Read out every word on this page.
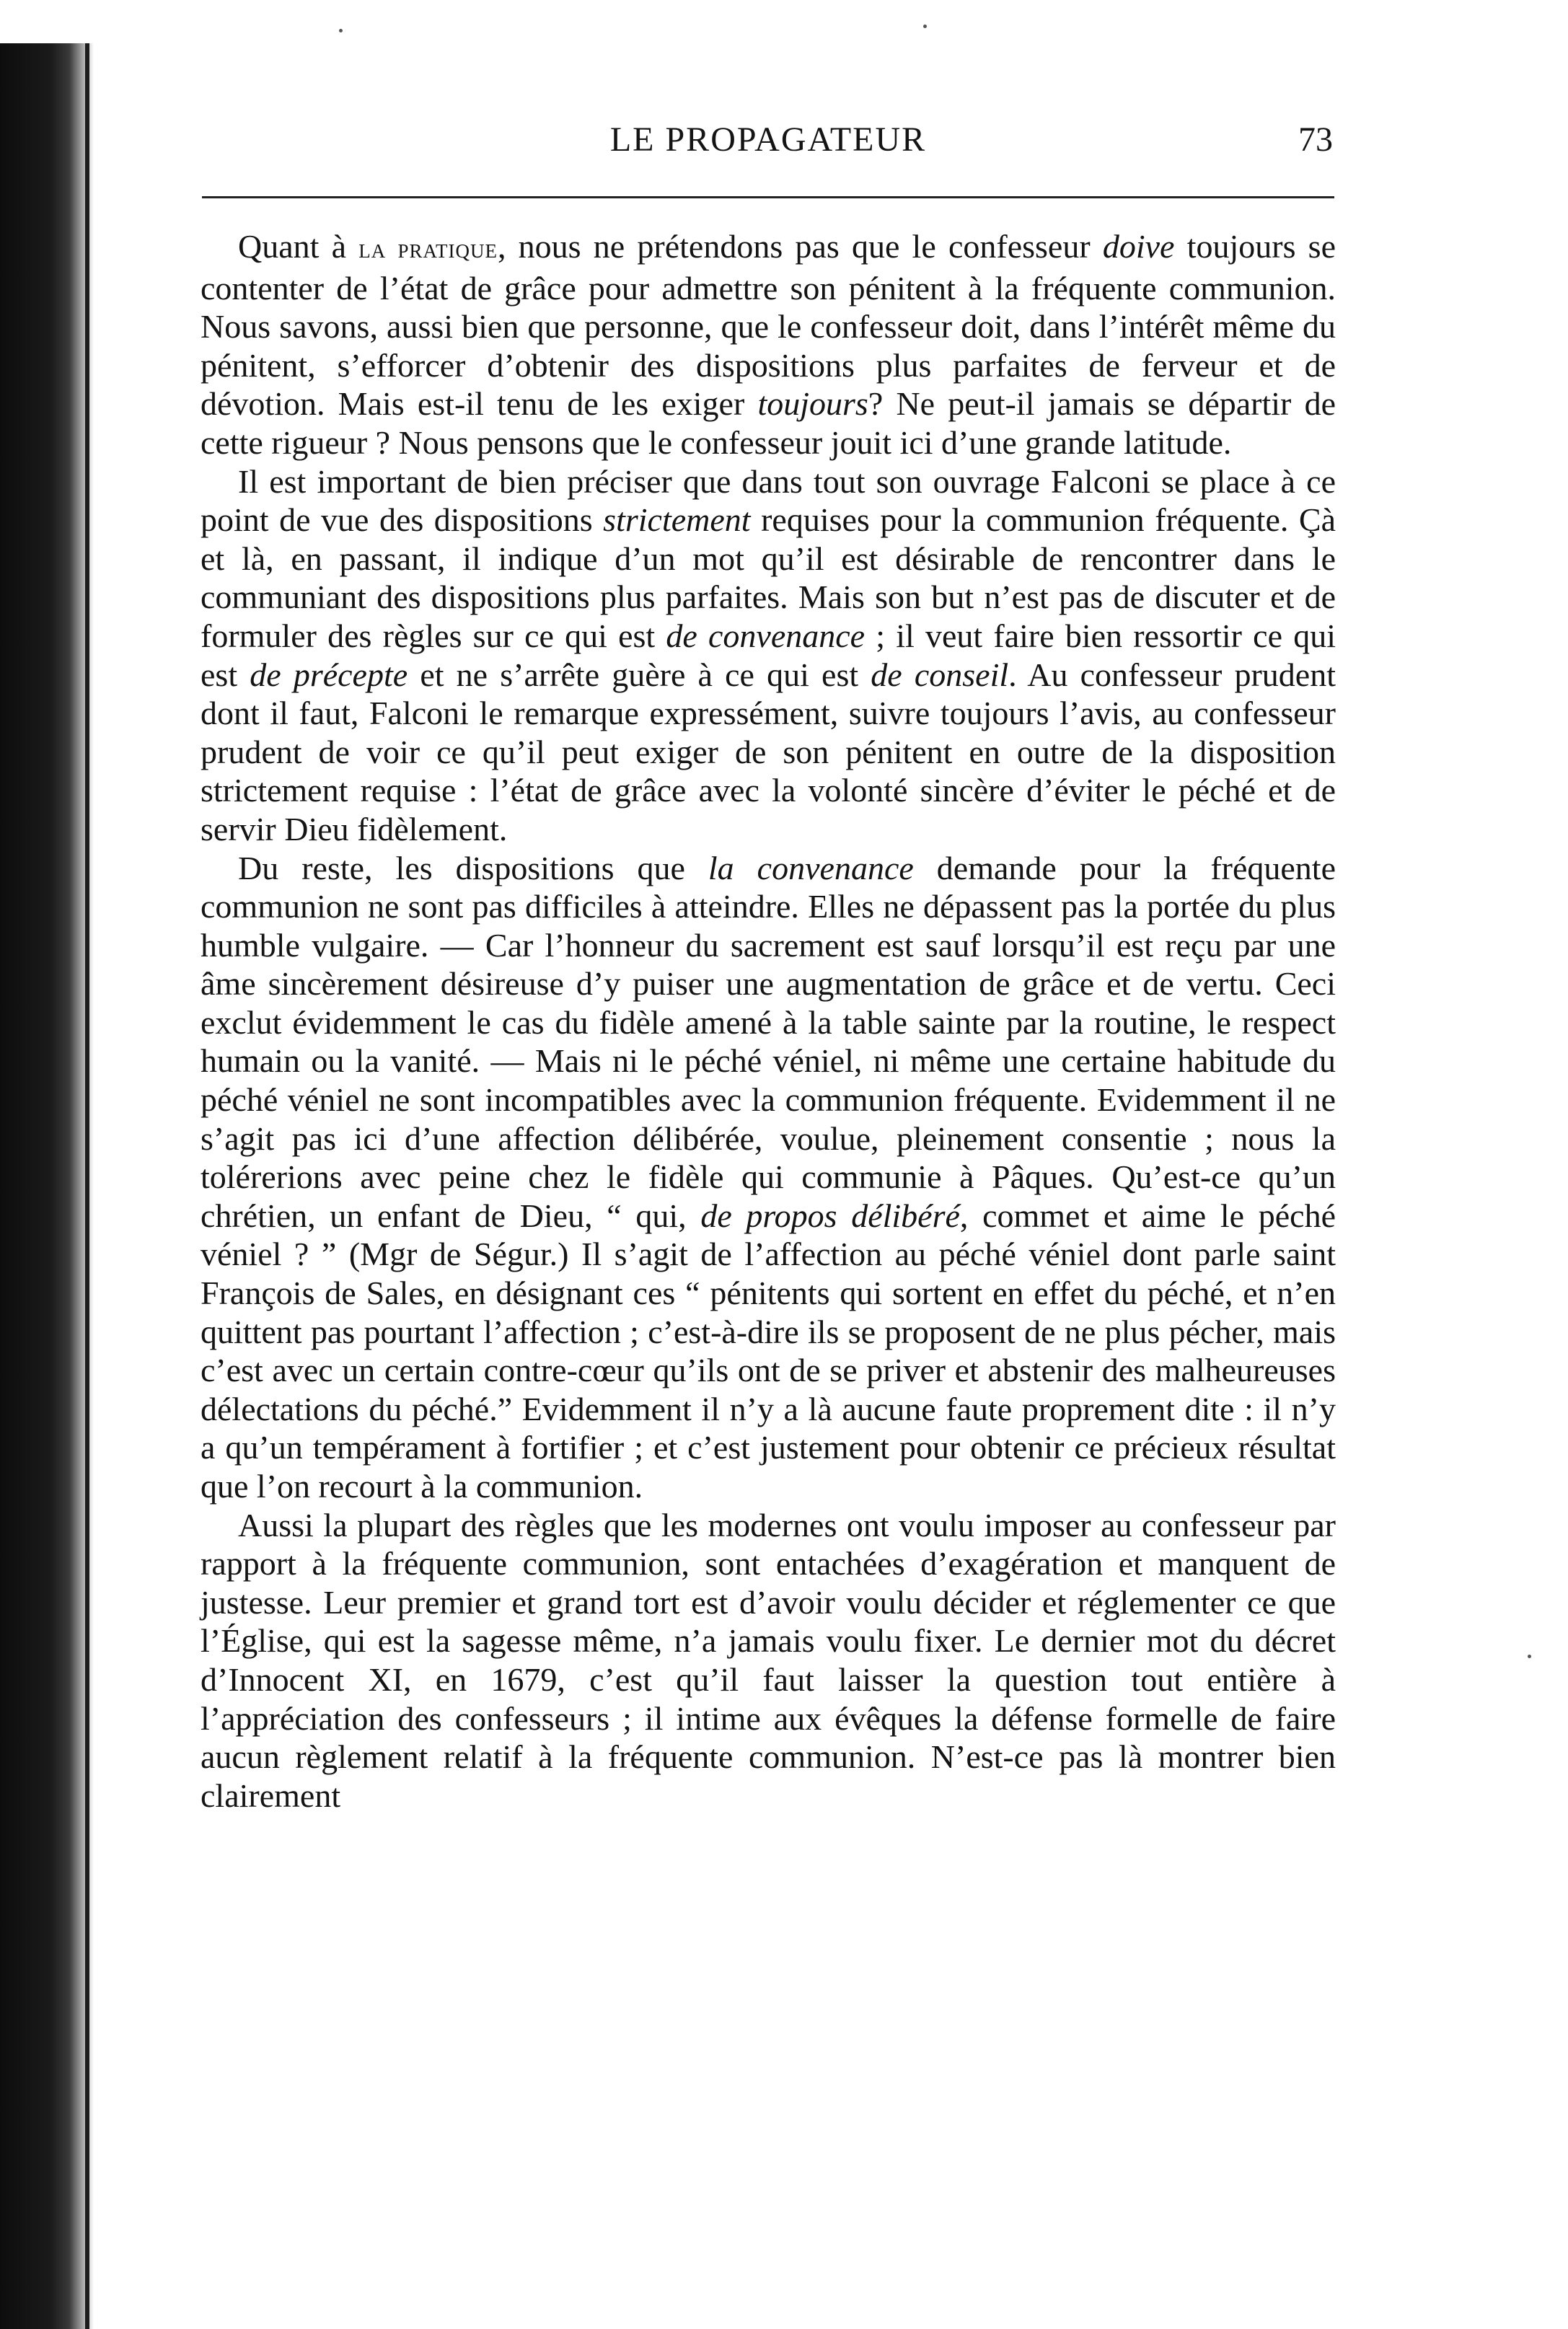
LE PROPAGATEUR	73

Quant à la pratique, nous ne prétendons pas que le confesseur doive toujours se contenter de l’état de grâce pour admettre son pénitent à la fréquente communion. Nous savons, aussi bien que personne, que le confesseur doit, dans l’intérêt même du pénitent, s’efforcer d’obtenir des dispositions plus parfaites de ferveur et de dévotion. Mais est-il tenu de les exiger toujours? Ne peut-il jamais se départir de cette rigueur ? Nous pensons que le confesseur jouit ici d’une grande latitude.

Il est important de bien préciser que dans tout son ouvrage Falconi se place à ce point de vue des dispositions strictement requises pour la communion fréquente. Çà et là, en passant, il indique d’un mot qu’il est désirable de rencontrer dans le communiant des dispositions plus parfaites. Mais son but n’est pas de discuter et de formuler des règles sur ce qui est de convenance ; il veut faire bien ressortir ce qui est de précepte et ne s’arrête guère à ce qui est de conseil. Au confesseur prudent dont il faut, Falconi le remarque expressément, suivre toujours l’avis, au confesseur prudent de voir ce qu’il peut exiger de son pénitent en outre de la disposition strictement requise : l’état de grâce avec la volonté sincère d’éviter le péché et de servir Dieu fidèlement.

Du reste, les dispositions que la convenance demande pour la fréquente communion ne sont pas difficiles à atteindre. Elles ne dépassent pas la portée du plus humble vulgaire. — Car l’honneur du sacrement est sauf lorsqu’il est reçu par une âme sincèrement désireuse d’y puiser une augmentation de grâce et de vertu. Ceci exclut évidemment le cas du fidèle amené à la table sainte par la routine, le respect humain ou la vanité. — Mais ni le péché véniel, ni même une certaine habitude du péché véniel ne sont incompatibles avec la communion fréquente. Evidemment il ne s’agit pas ici d’une affection délibérée, voulue, pleinement consentie ; nous la tolérerions avec peine chez le fidèle qui communie à Pâques. Qu’est-ce qu’un chrétien, un enfant de Dieu, “ qui, de propos délibéré, commet et aime le péché véniel ? ” (Mgr de Ségur.) Il s’agit de l’affection au péché véniel dont parle saint François de Sales, en désignant ces “ pénitents qui sortent en effet du péché, et n’en quittent pas pourtant l’affection ; c’est-à-dire ils se proposent de ne plus pécher, mais c’est avec un certain contre-cœur qu’ils ont de se priver et abstenir des malheureuses délectations du péché.” Evidemment il n’y a là aucune faute proprement dite : il n’y a qu’un tempérament à fortifier ; et c’est justement pour obtenir ce précieux résultat que l’on recourt à la communion.

Aussi la plupart des règles que les modernes ont voulu imposer au confesseur par rapport à la fréquente communion, sont entachées d’exagération et manquent de justesse. Leur premier et grand tort est d’avoir voulu décider et réglementer ce que l’Église, qui est la sagesse même, n’a jamais voulu fixer. Le dernier mot du décret d’Innocent XI, en 1679, c’est qu’il faut laisser la question tout entière à l’appréciation des confesseurs ; il intime aux évêques la défense formelle de faire aucun règlement relatif à la fréquente communion. N’est-ce pas là montrer bien clairement
